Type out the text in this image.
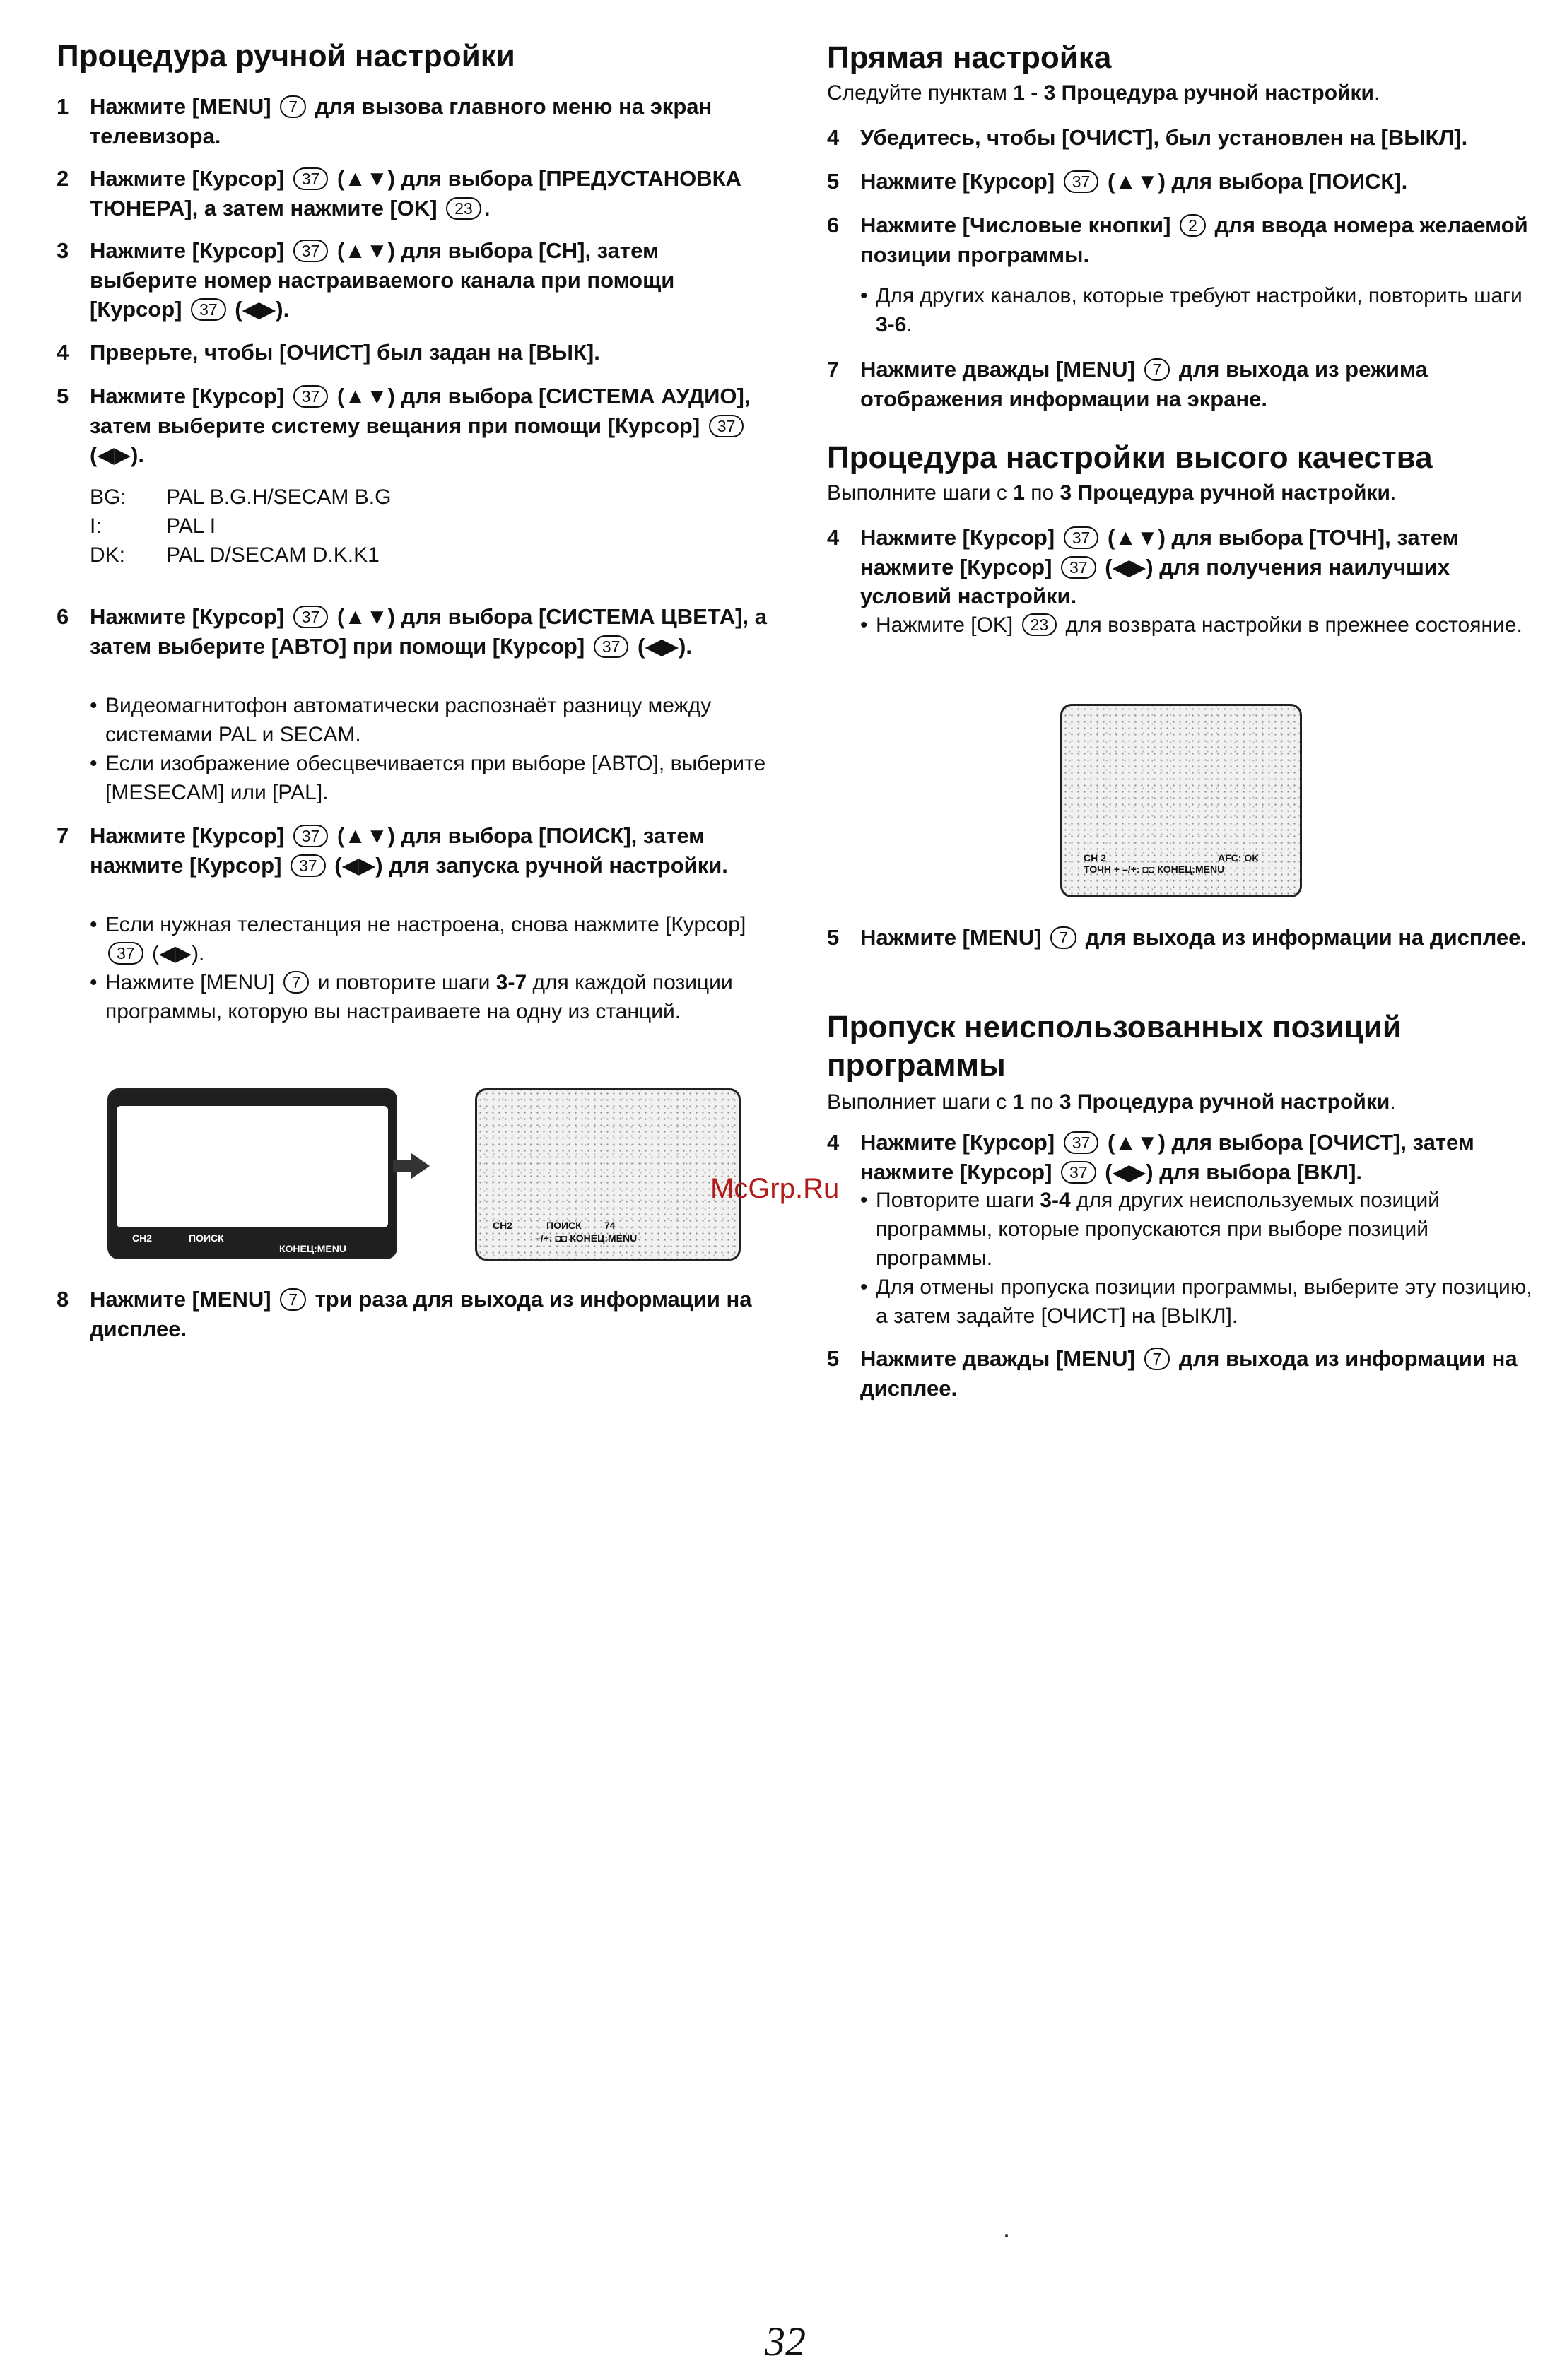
Процедура ручной настройки
1 Нажмите [MENU] 7 для вызова главного меню на экран телевизора.
2 Нажмите [Курсор] 37 (▲▼) для выбора [ПРЕДУСТАНОВКА ТЮНЕРА], а затем нажмите [OK] 23 .
3 Нажмите [Курсор] 37 (▲▼) для выбора [СН], затем выберите номер настраиваемого канала при помощи [Курсор] 37 (◀▶).
4 Прверьте, чтобы [ОЧИСТ] был задан на [ВЫК].
5 Нажмите [Курсор] 37 (▲▼) для выбора [СИСТЕМА АУДИО], затем выберите систему вещания при помощи [Курсор] 37 (◀▶).
BG: PAL B.G.H/SECAM B.G
I:	PAL I
DK: PAL D/SECAM D.K.K1
6 Нажмите [Курсор] 37 (▲▼) для выбора [СИСТЕМА ЦВЕТА], а затем выберите [АВТО] при помощи [Курсор] 37 (◀▶).
• Видеомагнитофон автоматически распознаёт разницу между системами PAL и SECAM.
• Если изображение обесцвечивается при выборе [АВТО], выберите [MESECAM] или [PAL].
7 Нажмите [Курсор] 37 (▲▼) для выбора [ПОИСК], затем нажмите [Курсор] 37 (◀▶) для запуска ручной настройки.
• Если нужная телестанция не настроена, снова нажмите [Курсор] 37 (◀▶).
• Нажмите [MENU] 7 и повторите шаги 3-7 для каждой позиции программы, которую вы настраиваете на одну из станций.
CH2	ПОИСК
КОНЕЦ:MENU
CH2	ПОИСК 74
–/+: ◘◘ КОНЕЦ:MENU
8 Нажмите [MENU] 7 три раза для выхода из информации на дисплее.
Прямая настройка
Следуйте пунктам 1 - 3 Процедура ручной настройки.
4 Убедитесь, чтобы [ОЧИСТ], был установлен на [ВЫКЛ].
5 Нажмите [Курсор] 37 (▲▼) для выбора [ПОИСК].
6 Нажмите [Числовые кнопки] 2 для ввода номера желаемой позиции программы.
• Для других каналов, которые требуют настройки, повторить шаги 3-6.
7 Нажмите дважды [MENU] 7 для выхода из режима отображения информации на экране.
Процедура настройки высого качества
Выполните шаги с 1 по 3 Процедура ручной настройки.
4 Нажмите [Курсор] 37 (▲▼) для выбора [ТОЧН], затем нажмите [Курсор] 37 (◀▶) для получения наилучших условий настройки.
• Нажмите [OK] 23 для возврата настройки в прежнее состояние.
CH 2	AFC: OK
ТОЧН + –/+: ◘◘ КОНЕЦ:MENU
5 Нажмите [MENU] 7 для выхода из информации на дисплее.
Пропуск неиспользованных позиций
программы
Выполниет шаги с 1 по 3 Процедура ручной настройки.
4 Нажмите [Курсор] 37 (▲▼) для выбора [ОЧИСТ], затем нажмите [Курсор] 37 (◀▶) для выбора [ВКЛ].
• Повторите шаги 3-4 для других неиспользуемых позиций программы, которые пропускаются при выборе позиций программы.
• Для отмены пропуска позиции программы, выберите эту позицию, а затем задайте [ОЧИСТ] на [ВЫКЛ].
5 Нажмите дважды [MENU] 7 для выхода из информации на дисплее.
McGrp.Ru
32
